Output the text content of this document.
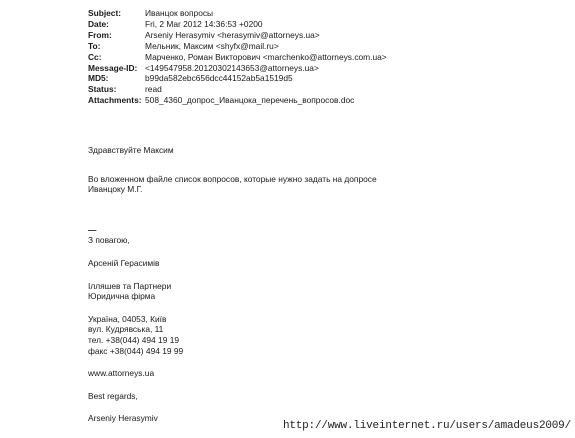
Subject:	Иванцок вопросы
Date:	Fri, 2 Mar 2012 14:36:53 +0200
From:	Arseniy Herasymiv <herasymiv@attorneys.ua>
To:	Мельник, Максим <shyfx@mail.ru>
Cc:	Марченко, Роман Викторович <marchenko@attorneys.com.ua>
Message-ID: <149547958.20120302143653@attorneys.ua>
MD5:	b99da582ebc656dcc44152ab5a1519d5
Status:	read
Attachments: 508_4360_допрос_Иванцока_перечень_вопросов.doc
Здравствуйте Максим
Во вложенном файле список вопросов, которые нужно задать на допросе
Иванцоку М.Г.
—
З повагою,
Арсеній Герасимів
Ілляшев та Партнери
Юридична фірма
Україна, 04053, Київ
вул. Кудрявська, 11
тел. +38(044) 494 19 19
факс +38(044) 494 19 99
www.attorneys.ua
Best regards,
Arseniy Herasymiv
http://www.liveinternet.ru/users/amadeus2009/
